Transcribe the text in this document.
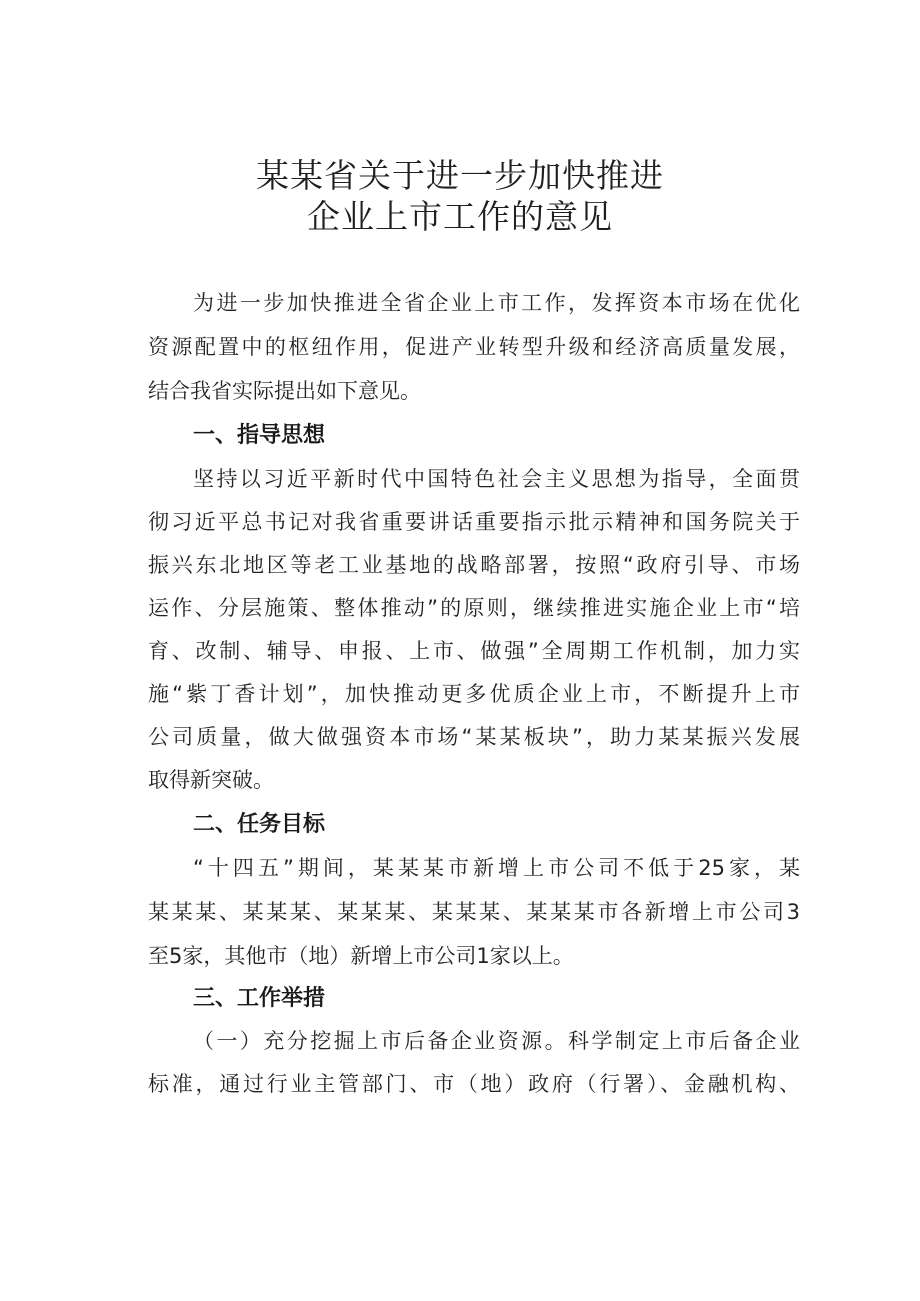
某某省关于进一步加快推进
企业上市工作的意见
为进一步加快推进全省企业上市工作，发挥资本市场在优化
资源配置中的枢纽作用，促进产业转型升级和经济高质量发展，
结合我省实际提出如下意见。
一、指导思想
坚持以习近平新时代中国特色社会主义思想为指导，全面贯
彻习近平总书记对我省重要讲话重要指示批示精神和国务院关于
振兴东北地区等老工业基地的战略部署，按照“政府引导、市场
运作、分层施策、整体推动”的原则，继续推进实施企业上市“培
育、改制、辅导、申报、上市、做强”全周期工作机制，加力实
施“紫丁香计划”，加快推动更多优质企业上市，不断提升上市
公司质量，做大做强资本市场“某某板块”，助力某某振兴发展
取得新突破。
二、任务目标
“十四五”期间，某某某市新增上市公司不低于25家，某
某某某、某某某、某某某、某某某、某某某市各新增上市公司3
至5家，其他市（地）新增上市公司1家以上。
三、工作举措
（一）充分挖掘上市后备企业资源。科学制定上市后备企业
标准，通过行业主管部门、市（地）政府（行署）、金融机构、
